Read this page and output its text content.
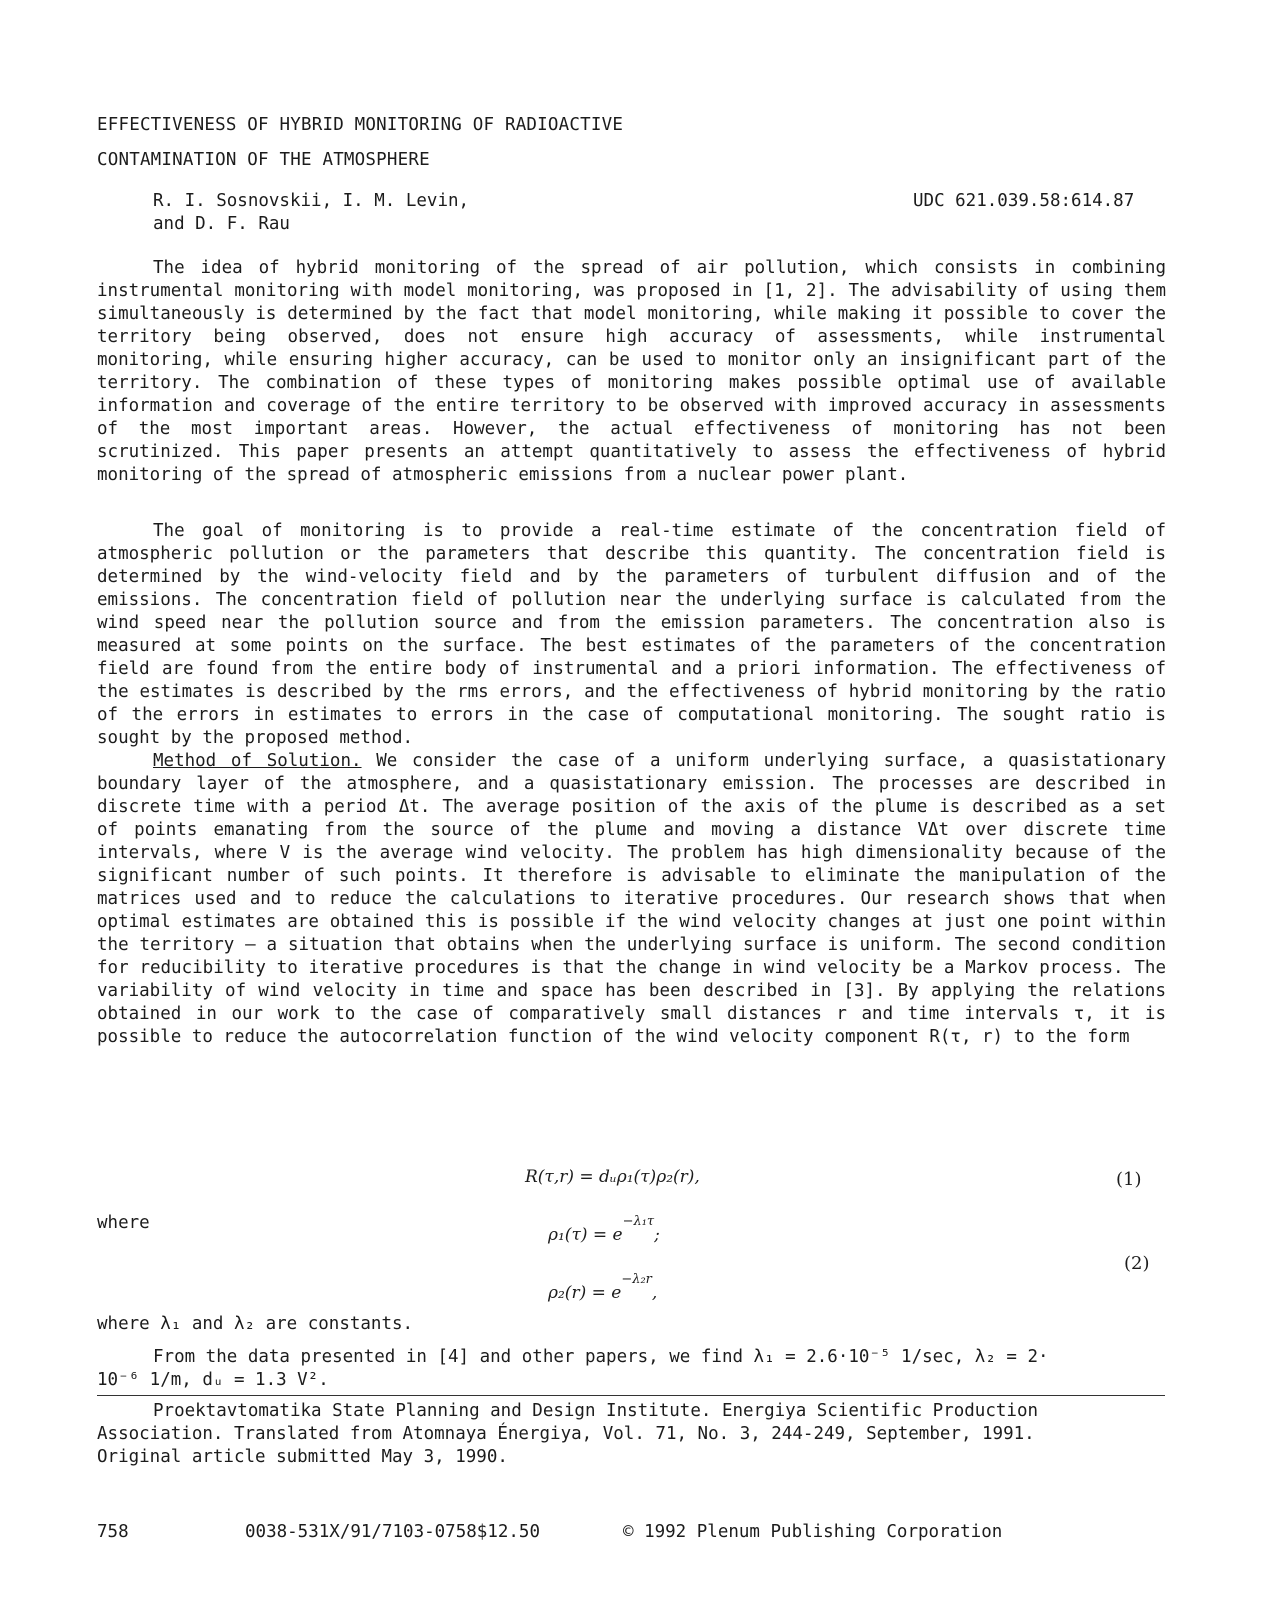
EFFECTIVENESS OF HYBRID MONITORING OF RADIOACTIVE
CONTAMINATION OF THE ATMOSPHERE
R. I. Sosnovskii, I. M. Levin,
and D. F. Rau
UDC 621.039.58:614.87
The idea of hybrid monitoring of the spread of air pollution, which consists in combining instrumental monitoring with model monitoring, was proposed in [1, 2]. The advisability of using them simultaneously is determined by the fact that model monitoring, while making it possible to cover the territory being observed, does not ensure high accuracy of assessments, while instrumental monitoring, while ensuring higher accuracy, can be used to monitor only an insignificant part of the territory. The combination of these types of monitoring makes possible optimal use of available information and coverage of the entire territory to be observed with improved accuracy in assessments of the most important areas. However, the actual effectiveness of monitoring has not been scrutinized. This paper presents an attempt quantitatively to assess the effectiveness of hybrid monitoring of the spread of atmospheric emissions from a nuclear power plant.
The goal of monitoring is to provide a real-time estimate of the concentration field of atmospheric pollution or the parameters that describe this quantity. The concentration field is determined by the wind-velocity field and by the parameters of turbulent diffusion and of the emissions. The concentration field of pollution near the underlying surface is calculated from the wind speed near the pollution source and from the emission parameters. The concentration also is measured at some points on the surface. The best estimates of the parameters of the concentration field are found from the entire body of instrumental and a priori information. The effectiveness of the estimates is described by the rms errors, and the effectiveness of hybrid monitoring by the ratio of the errors in estimates to errors in the case of computational monitoring. The sought ratio is sought by the proposed method.
Method of Solution. We consider the case of a uniform underlying surface, a quasistationary boundary layer of the atmosphere, and a quasistationary emission. The processes are described in discrete time with a period Δt. The average position of the axis of the plume is described as a set of points emanating from the source of the plume and moving a distance VΔt over discrete time intervals, where V is the average wind velocity. The problem has high dimensionality because of the significant number of such points. It therefore is advisable to eliminate the manipulation of the matrices used and to reduce the calculations to iterative procedures. Our research shows that when optimal estimates are obtained this is possible if the wind velocity changes at just one point within the territory — a situation that obtains when the underlying surface is uniform. The second condition for reducibility to iterative procedures is that the change in wind velocity be a Markov process. The variability of wind velocity in time and space has been described in [3]. By applying the relations obtained in our work to the case of comparatively small distances r and time intervals τ, it is possible to reduce the autocorrelation function of the wind velocity component R(τ, r) to the form
R(τ,r) = dᵤρ₁(τ)ρ₂(r),	(1)
where
$\rho_1(\tau) = e^{-\lambda_1\tau}$;
$\rho_2(r) = e^{-\lambda_2r}$,
(2)
where λ₁ and λ₂ are constants.
From the data presented in [4] and other papers, we find λ₁ = 2.6·10⁻⁵ 1/sec, λ₂ = 2·
10⁻⁶ 1/m, dᵤ = 1.3 V².
Proektavtomatika State Planning and Design Institute. Energiya Scientific Production
Association. Translated from Atomnaya Énergiya, Vol. 71, No. 3, 244-249, September, 1991.
Original article submitted May 3, 1990.
758	0038-531X/91/7103-0758$12.50	© 1992 Plenum Publishing Corporation
